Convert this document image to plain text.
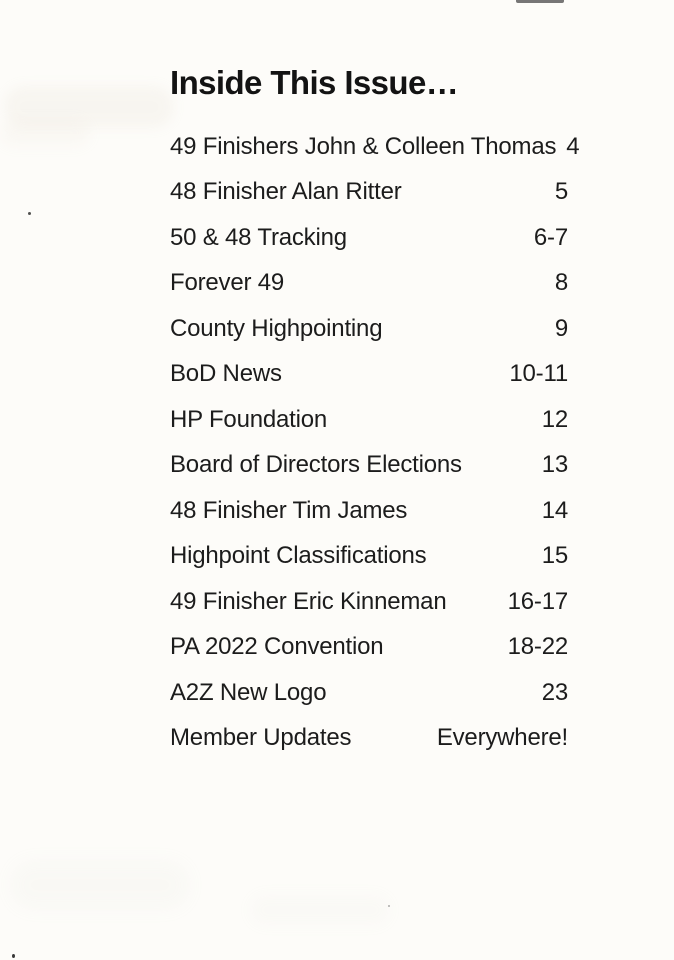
Inside This Issue…
49 Finishers John & Colleen Thomas 4
48 Finisher Alan Ritter	5
50 & 48 Tracking	6-7
Forever 49	8
County Highpointing	9
BoD News	10-11
HP Foundation	12
Board of Directors Elections	13
48 Finisher Tim James	14
Highpoint Classifications	15
49 Finisher Eric Kinneman	16-17
PA 2022 Convention	18-22
A2Z New Logo	23
Member Updates	Everywhere!
